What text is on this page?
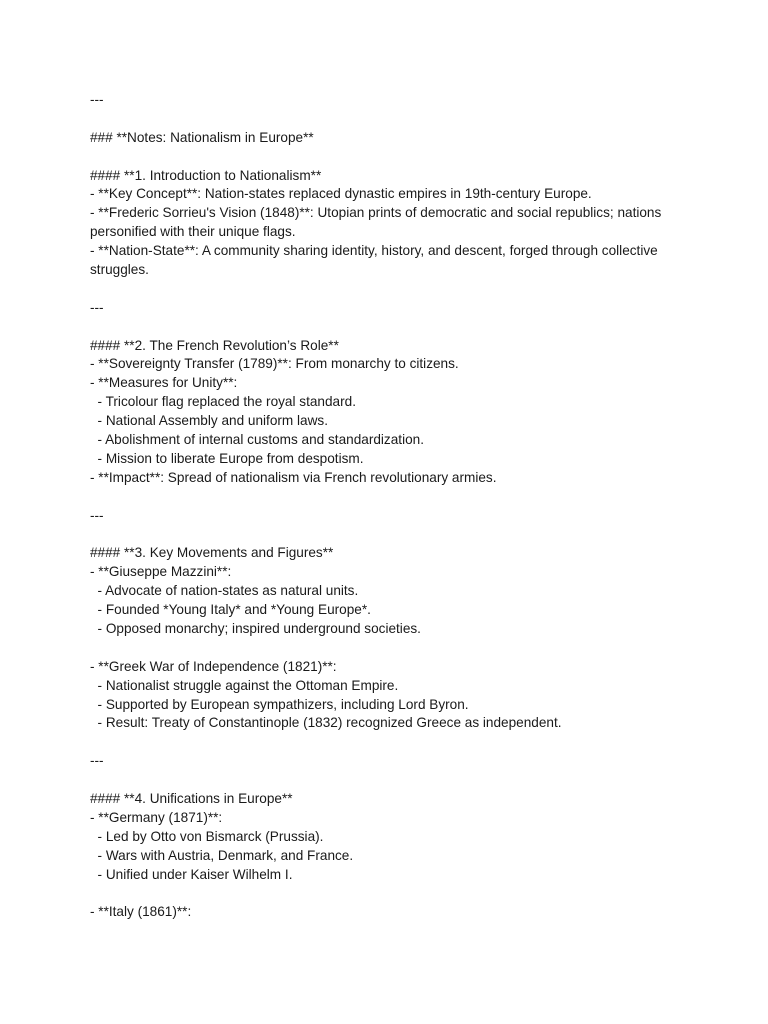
---
### **Notes: Nationalism in Europe**
#### **1. Introduction to Nationalism**
- **Key Concept**: Nation-states replaced dynastic empires in 19th-century Europe.
- **Frederic Sorrieu's Vision (1848)**: Utopian prints of democratic and social republics; nations
personified with their unique flags.
- **Nation-State**: A community sharing identity, history, and descent, forged through collective
struggles.
---
#### **2. The French Revolution’s Role**
- **Sovereignty Transfer (1789)**: From monarchy to citizens.
- **Measures for Unity**:
- Tricolour flag replaced the royal standard.
- National Assembly and uniform laws.
- Abolishment of internal customs and standardization.
- Mission to liberate Europe from despotism.
- **Impact**: Spread of nationalism via French revolutionary armies.
---
#### **3. Key Movements and Figures**
- **Giuseppe Mazzini**:
- Advocate of nation-states as natural units.
- Founded *Young Italy* and *Young Europe*.
- Opposed monarchy; inspired underground societies.
- **Greek War of Independence (1821)**:
- Nationalist struggle against the Ottoman Empire.
- Supported by European sympathizers, including Lord Byron.
- Result: Treaty of Constantinople (1832) recognized Greece as independent.
---
#### **4. Unifications in Europe**
- **Germany (1871)**:
- Led by Otto von Bismarck (Prussia).
- Wars with Austria, Denmark, and France.
- Unified under Kaiser Wilhelm I.
- **Italy (1861)**:
